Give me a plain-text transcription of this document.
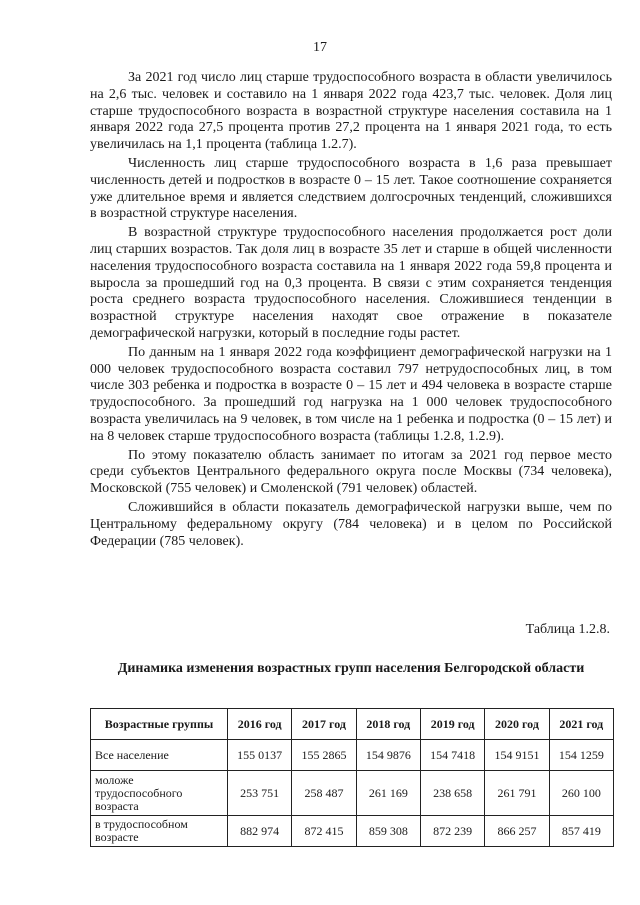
17

За 2021 год число лиц старше трудоспособного возраста в области увеличилось на 2,6 тыс. человек и составило на 1 января 2022 года 423,7 тыс. человек. Доля лиц старше трудоспособного возраста в возрастной структуре населения составила на 1 января 2022 года 27,5 процента против 27,2 процента на 1 января 2021 года, то есть увеличилась на 1,1 процента (таблица 1.2.7).

Численность лиц старше трудоспособного возраста в 1,6 раза превышает численность детей и подростков в возрасте 0 – 15 лет. Такое соотношение сохраняется уже длительное время и является следствием долгосрочных тенденций, сложившихся в возрастной структуре населения.

В возрастной структуре трудоспособного населения продолжается рост доли лиц старших возрастов. Так доля лиц в возрасте 35 лет и старше в общей численности населения трудоспособного возраста составила на 1 января 2022 года 59,8 процента и выросла за прошедший год на 0,3 процента. В связи с этим сохраняется тенденция роста среднего возраста трудоспособного населения. Сложившиеся тенденции в возрастной структуре населения находят свое отражение в показателе демографической нагрузки, который в последние годы растет.

По данным на 1 января 2022 года коэффициент демографической нагрузки на 1 000 человек трудоспособного возраста составил 797 нетрудоспособных лиц, в том числе 303 ребенка и подростка в возрасте 0 – 15 лет и 494 человека в возрасте старше трудоспособного. За прошедший год нагрузка на 1 000 человек трудоспособного возраста увеличилась на 9 человек, в том числе на 1 ребенка и подростка (0 – 15 лет) и на 8 человек старше трудоспособного возраста (таблицы 1.2.8, 1.2.9).

По этому показателю область занимает по итогам за 2021 год первое место среди субъектов Центрального федерального округа после Москвы (734 человека), Московской (755 человек) и Смоленской (791 человек) областей.

Сложившийся в области показатель демографической нагрузки выше, чем по Центральному федеральному округу (784 человека) и в целом по Российской Федерации (785 человек).

Таблица 1.2.8.
Динамика изменения возрастных групп населения Белгородской области
Возрастные группы	2016 год	2017 год	2018 год	2019 год	2020 год	2021 год
Все население	155 0137	155 2865	154 9876	154 7418	154 9151	154 1259
моложе трудоспособного возраста	253 751	258 487	261 169	238 658	261 791	260 100
в трудоспособном возрасте	882 974	872 415	859 308	872 239	866 257	857 419
